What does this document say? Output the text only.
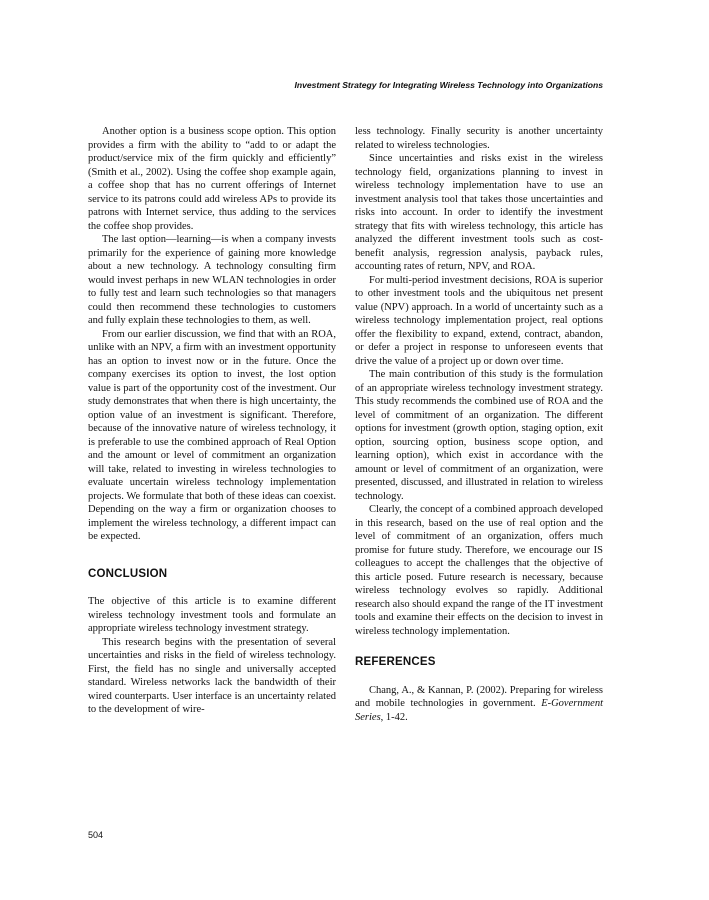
Investment Strategy for Integrating Wireless Technology into Organizations

Another option is a business scope option. This option provides a firm with the ability to “add to or adapt the product/service mix of the firm quickly and efficiently” (Smith et al., 2002). Using the coffee shop example again, a coffee shop that has no current offerings of Internet service to its patrons could add wireless APs to provide its patrons with Internet service, thus adding to the services the coffee shop provides.

The last option—learning—is when a company invests primarily for the experience of gaining more knowledge about a new technology. A technology consulting firm would invest perhaps in new WLAN technologies in order to fully test and learn such technologies so that managers could then recommend these technologies to customers and fully explain these technologies to them, as well.

From our earlier discussion, we find that with an ROA, unlike with an NPV, a firm with an investment opportunity has an option to invest now or in the future. Once the company exercises its option to invest, the lost option value is part of the opportunity cost of the investment. Our study demonstrates that when there is high uncertainty, the option value of an investment is significant. Therefore, because of the innovative nature of wireless technology, it is preferable to use the combined approach of Real Option and the amount or level of commitment an organization will take, related to investing in wireless technologies to evaluate uncertain wireless technology implementation projects. We formulate that both of these ideas can coexist. Depending on the way a firm or organization chooses to implement the wireless technology, a different impact can be expected.

CONCLUSION

The objective of this article is to examine different wireless technology investment tools and formulate an appropriate wireless technology investment strategy.

This research begins with the presentation of several uncertainties and risks in the field of wireless technology. First, the field has no single and universally accepted standard. Wireless networks lack the bandwidth of their wired counterparts. User interface is an uncertainty related to the development of wire-

less technology. Finally security is another uncertainty related to wireless technologies.

Since uncertainties and risks exist in the wireless technology field, organizations planning to invest in wireless technology implementation have to use an investment analysis tool that takes those uncertainties and risks into account. In order to identify the investment strategy that fits with wireless technology, this article has analyzed the different investment tools such as cost-benefit analysis, regression analysis, payback rules, accounting rates of return, NPV, and ROA.

For multi-period investment decisions, ROA is superior to other investment tools and the ubiquitous net present value (NPV) approach. In a world of uncertainty such as a wireless technology implementation project, real options offer the flexibility to expand, extend, contract, abandon, or defer a project in response to unforeseen events that drive the value of a project up or down over time.

The main contribution of this study is the formulation of an appropriate wireless technology investment strategy. This study recommends the combined use of ROA and the level of commitment of an organization. The different options for investment (growth option, staging option, exit option, sourcing option, business scope option, and learning option), which exist in accordance with the amount or level of commitment of an organization, were presented, discussed, and illustrated in relation to wireless technology.

Clearly, the concept of a combined approach developed in this research, based on the use of real option and the level of commitment of an organization, offers much promise for future study. Therefore, we encourage our IS colleagues to accept the challenges that the objective of this article posed. Future research is necessary, because wireless technology evolves so rapidly. Additional research also should expand the range of the IT investment tools and examine their effects on the decision to invest in wireless technology implementation.

REFERENCES

Chang, A., & Kannan, P. (2002). Preparing for wireless and mobile technologies in government. E-Government Series, 1-42.

504
